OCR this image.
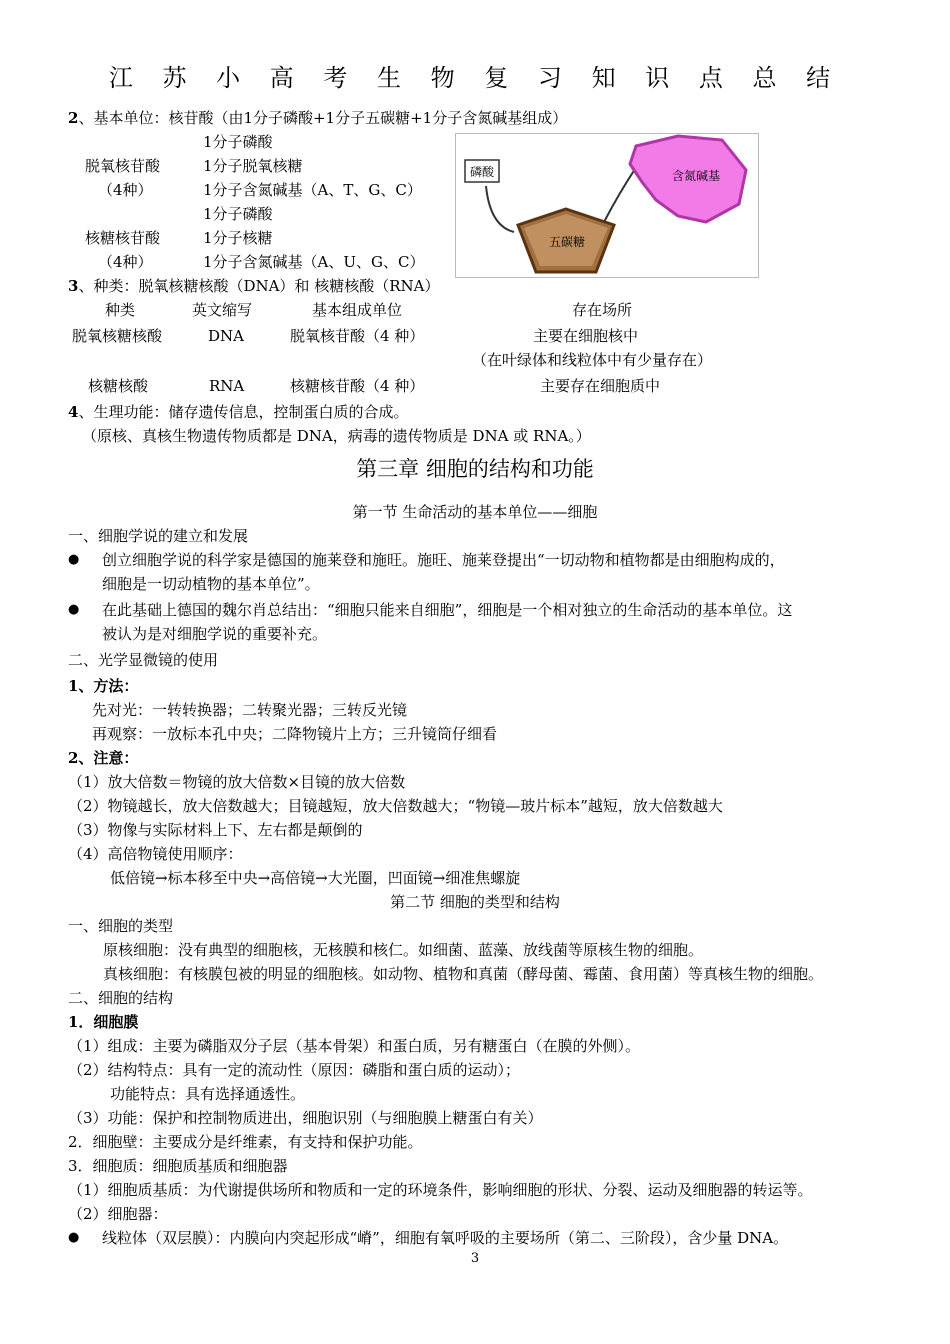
江 苏 小 高 考 生 物 复 习 知 识 点 总 结
2、基本单位：核苷酸（由1分子磷酸+1分子五碳糖+1分子含氮碱基组成）
1分子磷酸
脱氧核苷酸	1分子脱氧核糖
（4种）	1分子含氮碱基（A、T、G、C）
1分子磷酸
核糖核苷酸	1分子核糖
（4种）	1分子含氮碱基（A、U、G、C）
磷酸
五碳糖
含氮碱基
3、种类：脱氧核糖核酸（DNA）和 核糖核酸（RNA）
种类	英文缩写	基本组成单位	存在场所
脱氧核糖核酸	DNA	脱氧核苷酸（4 种）	主要在细胞核中
（在叶绿体和线粒体中有少量存在）
核糖核酸	RNA	核糖核苷酸（4 种）	主要存在细胞质中
4、生理功能：储存遗传信息，控制蛋白质的合成。
（原核、真核生物遗传物质都是 DNA，病毒的遗传物质是 DNA 或 RNA。）
第三章 细胞的结构和功能
第一节 生命活动的基本单位——细胞
一、细胞学说的建立和发展
● 创立细胞学说的科学家是德国的施莱登和施旺。施旺、施莱登提出“一切动物和植物都是由细胞构成的，
细胞是一切动植物的基本单位”。
● 在此基础上德国的魏尔肖总结出：“细胞只能来自细胞”，细胞是一个相对独立的生命活动的基本单位。这
被认为是对细胞学说的重要补充。
二、光学显微镜的使用
1、方法：
先对光：一转转换器；二转聚光器；三转反光镜
再观察：一放标本孔中央；二降物镜片上方；三升镜筒仔细看
2、注意：
（1）放大倍数＝物镜的放大倍数×目镜的放大倍数
（2）物镜越长，放大倍数越大；目镜越短，放大倍数越大；“物镜—玻片标本”越短，放大倍数越大
（3）物像与实际材料上下、左右都是颠倒的
（4）高倍物镜使用顺序：
低倍镜→标本移至中央→高倍镜→大光圈，凹面镜→细准焦螺旋
第二节 细胞的类型和结构
一、细胞的类型
原核细胞：没有典型的细胞核，无核膜和核仁。如细菌、蓝藻、放线菌等原核生物的细胞。
真核细胞：有核膜包被的明显的细胞核。如动物、植物和真菌（酵母菌、霉菌、食用菌）等真核生物的细胞。
二、细胞的结构
1．细胞膜
（1）组成：主要为磷脂双分子层（基本骨架）和蛋白质，另有糖蛋白（在膜的外侧）。
（2）结构特点：具有一定的流动性（原因：磷脂和蛋白质的运动）；
功能特点：具有选择通透性。
（3）功能：保护和控制物质进出，细胞识别（与细胞膜上糖蛋白有关）
2．细胞壁：主要成分是纤维素，有支持和保护功能。
3．细胞质：细胞质基质和细胞器
（1）细胞质基质：为代谢提供场所和物质和一定的环境条件，影响细胞的形状、分裂、运动及细胞器的转运等。
（2）细胞器：
● 线粒体（双层膜）：内膜向内突起形成“嵴”，细胞有氧呼吸的主要场所（第二、三阶段），含少量 DNA。
3
